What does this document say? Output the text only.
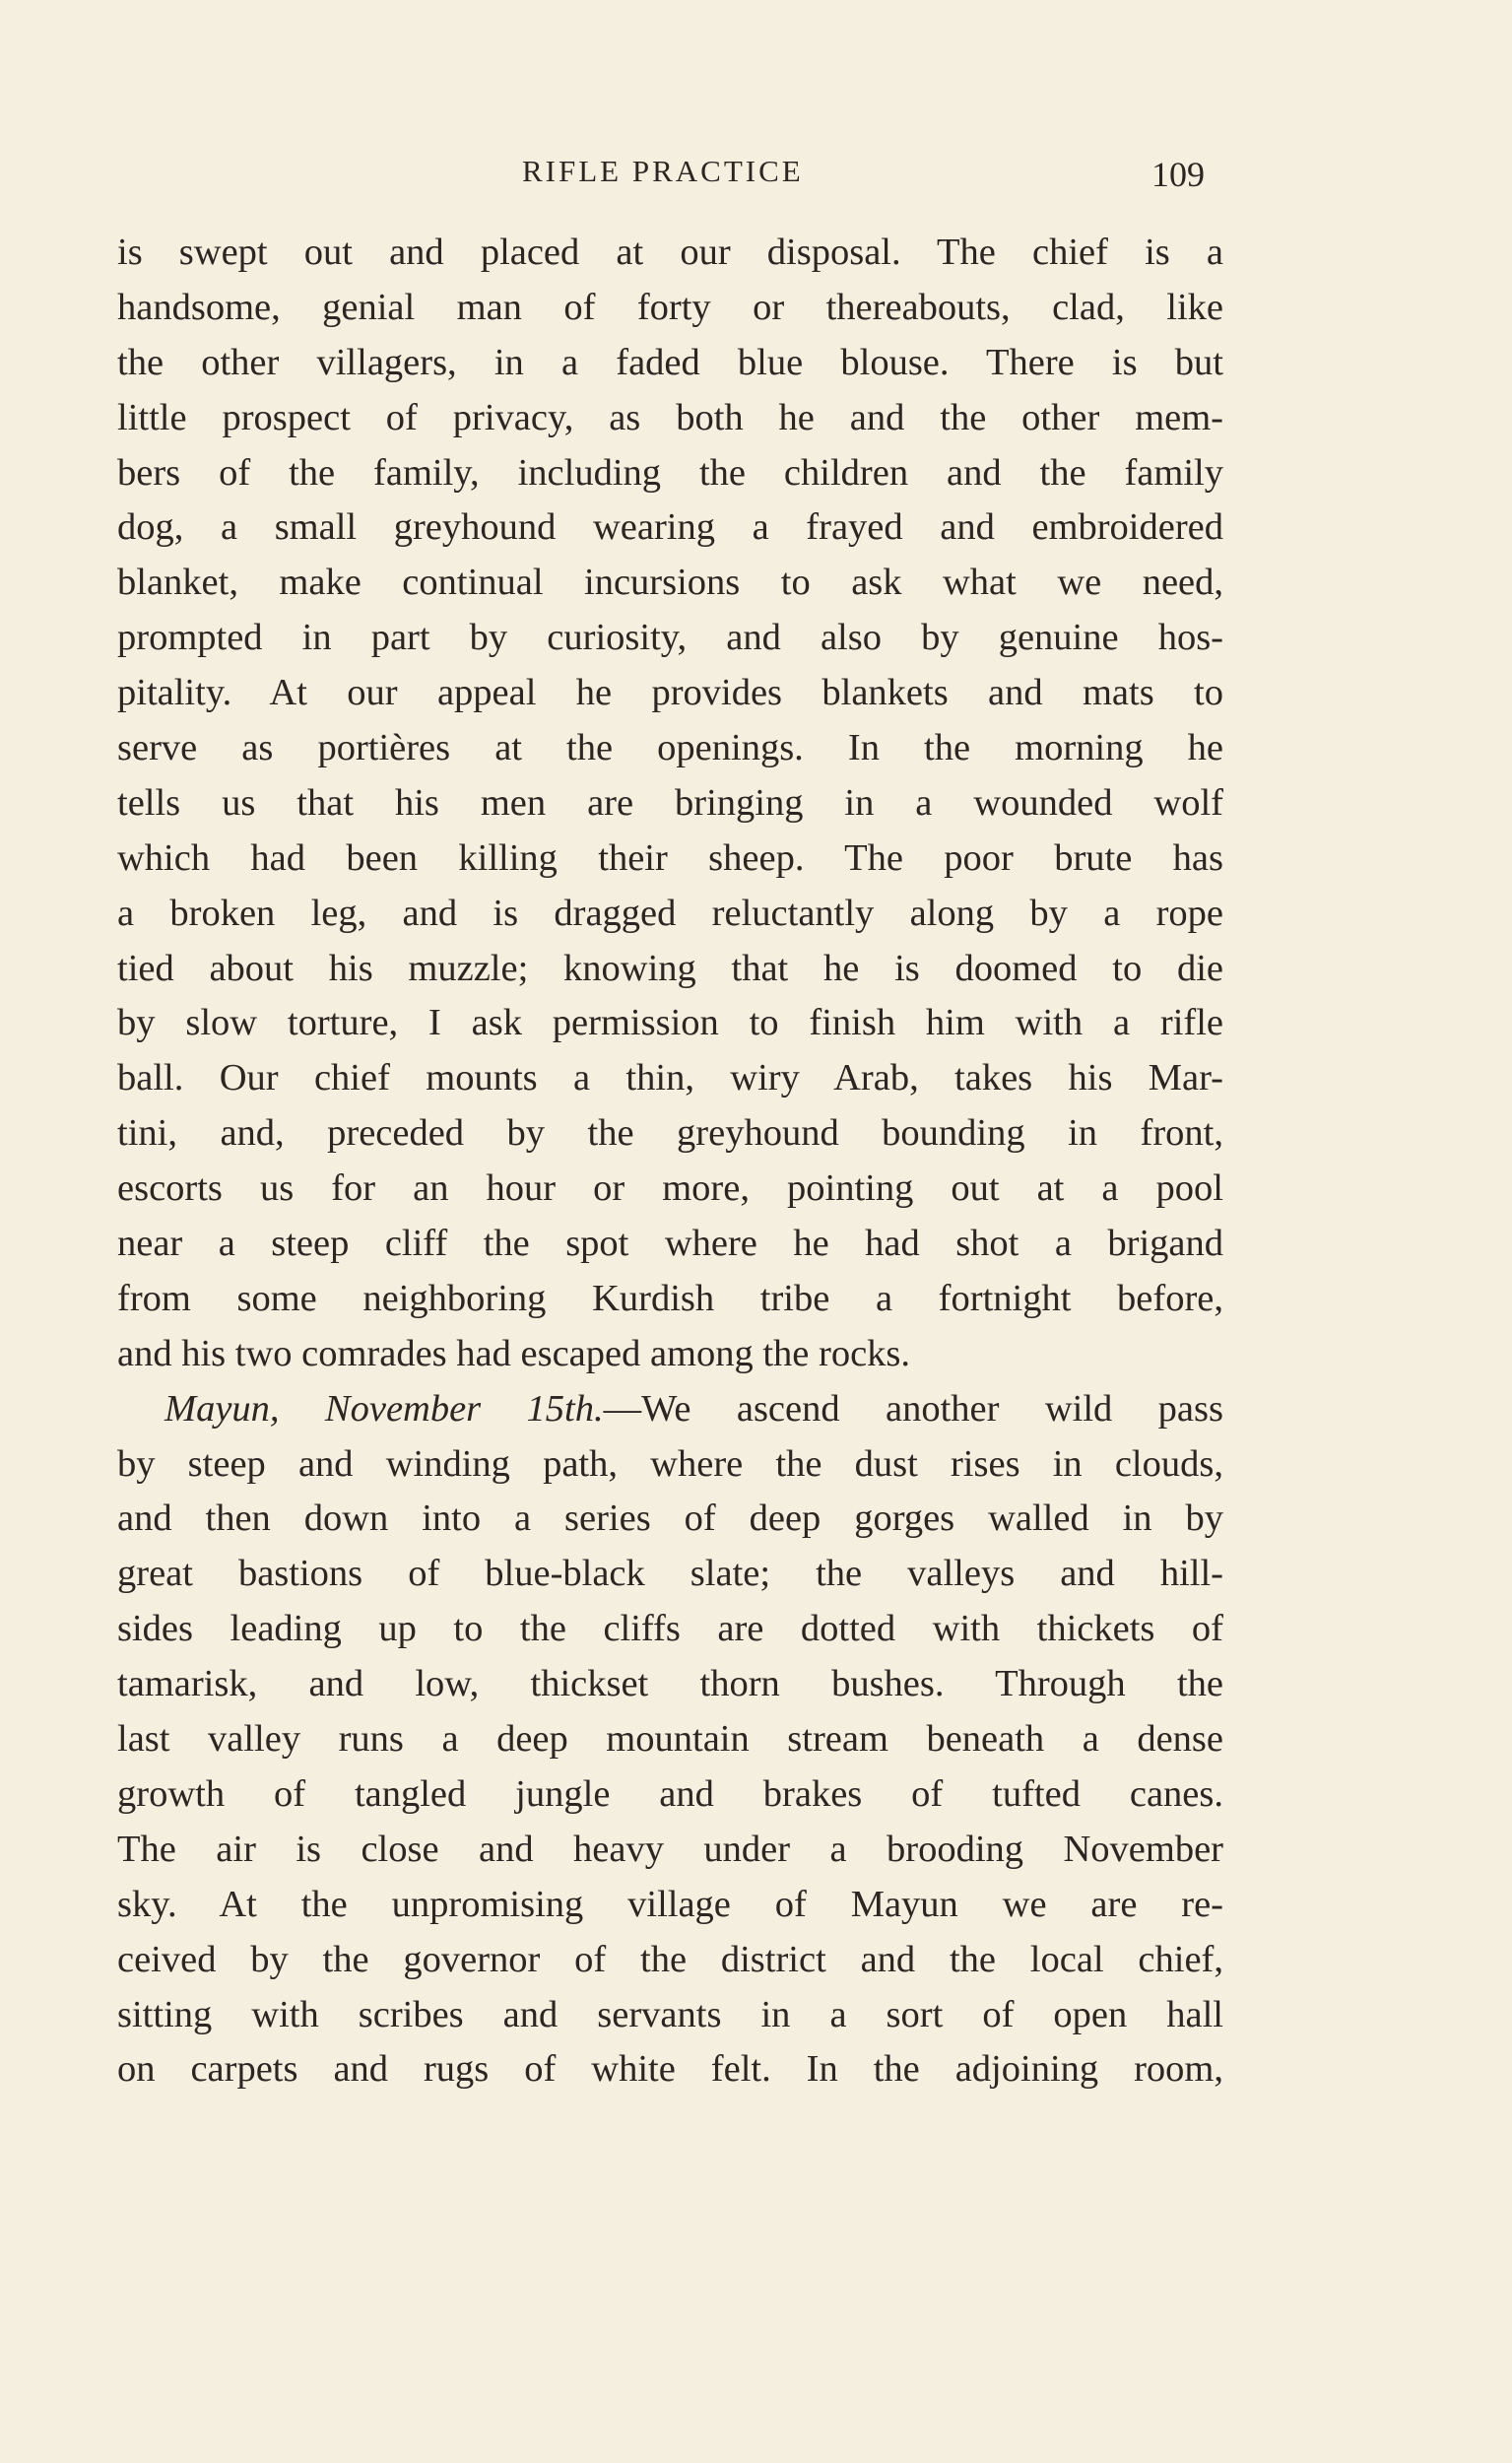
RIFLE PRACTICE	109
is swept out and placed at our disposal. The chief is a
handsome, genial man of forty or thereabouts, clad, like
the other villagers, in a faded blue blouse. There is but
little prospect of privacy, as both he and the other mem-
bers of the family, including the children and the family
dog, a small greyhound wearing a frayed and embroidered
blanket, make continual incursions to ask what we need,
prompted in part by curiosity, and also by genuine hos-
pitality. At our appeal he provides blankets and mats to
serve as portières at the openings. In the morning he
tells us that his men are bringing in a wounded wolf
which had been killing their sheep. The poor brute has
a broken leg, and is dragged reluctantly along by a rope
tied about his muzzle; knowing that he is doomed to die
by slow torture, I ask permission to finish him with a rifle
ball. Our chief mounts a thin, wiry Arab, takes his Mar-
tini, and, preceded by the greyhound bounding in front,
escorts us for an hour or more, pointing out at a pool
near a steep cliff the spot where he had shot a brigand
from some neighboring Kurdish tribe a fortnight before,
and his two comrades had escaped among the rocks.
Mayun, November 15th.—We ascend another wild pass
by steep and winding path, where the dust rises in clouds,
and then down into a series of deep gorges walled in by
great bastions of blue-black slate; the valleys and hill-
sides leading up to the cliffs are dotted with thickets of
tamarisk, and low, thickset thorn bushes. Through the
last valley runs a deep mountain stream beneath a dense
growth of tangled jungle and brakes of tufted canes.
The air is close and heavy under a brooding November
sky. At the unpromising village of Mayun we are re-
ceived by the governor of the district and the local chief,
sitting with scribes and servants in a sort of open hall
on carpets and rugs of white felt. In the adjoining room,
